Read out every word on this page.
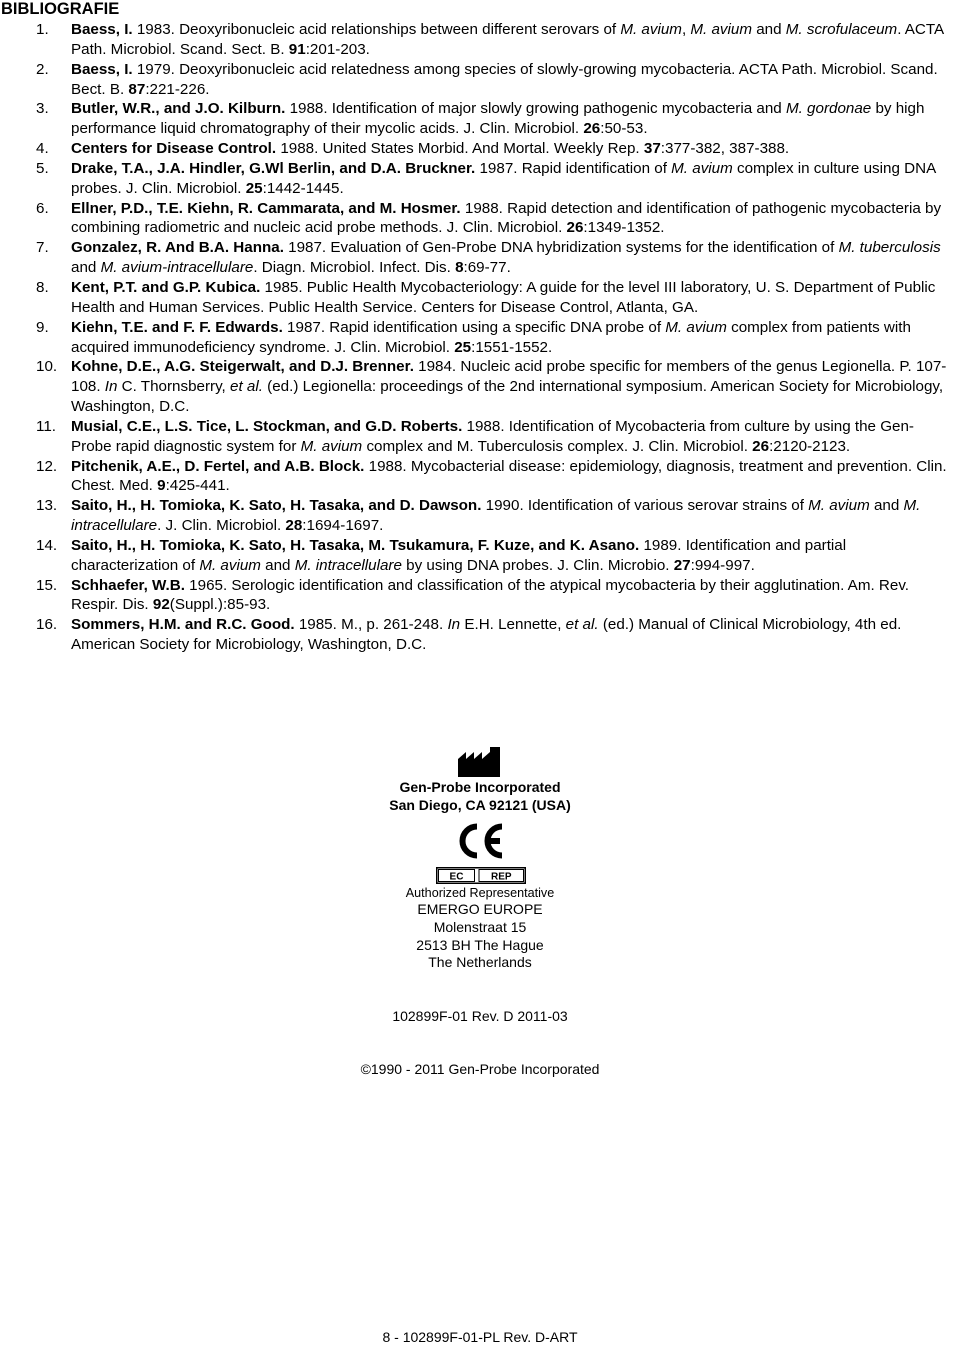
BIBLIOGRAFIE
1.	Baess, I. 1983. Deoxyribonucleic acid relationships between different serovars of M. avium, M. avium and M. scrofulaceum. ACTA Path. Microbiol. Scand. Sect. B. 91:201-203.
2.	Baess, I. 1979. Deoxyribonucleic acid relatedness among species of slowly-growing mycobacteria. ACTA Path. Microbiol. Scand. Bect. B. 87:221-226.
3.	Butler, W.R., and J.O. Kilburn. 1988. Identification of major slowly growing pathogenic mycobacteria and M. gordonae by high performance liquid chromatography of their mycolic acids. J. Clin. Microbiol. 26:50-53.
4.	Centers for Disease Control. 1988. United States Morbid. And Mortal. Weekly Rep. 37:377-382, 387-388.
5.	Drake, T.A., J.A. Hindler, G.Wl Berlin, and D.A. Bruckner. 1987. Rapid identification of M. avium complex in culture using DNA probes. J. Clin. Microbiol. 25:1442-1445.
6.	Ellner, P.D., T.E. Kiehn, R. Cammarata, and M. Hosmer. 1988. Rapid detection and identification of pathogenic mycobacteria by combining radiometric and nucleic acid probe methods. J. Clin. Microbiol. 26:1349-1352.
7.	Gonzalez, R. And B.A. Hanna. 1987. Evaluation of Gen-Probe DNA hybridization systems for the identification of M. tuberculosis and M. avium-intracellulare. Diagn. Microbiol. Infect. Dis. 8:69-77.
8.	Kent, P.T. and G.P. Kubica. 1985. Public Health Mycobacteriology: A guide for the level III laboratory, U. S. Department of Public Health and Human Services. Public Health Service. Centers for Disease Control, Atlanta, GA.
9.	Kiehn, T.E. and F. F. Edwards. 1987. Rapid identification using a specific DNA probe of M. avium complex from patients with acquired immunodeficiency syndrome. J. Clin. Microbiol. 25:1551-1552.
10. Kohne, D.E., A.G. Steigerwalt, and D.J. Brenner. 1984. Nucleic acid probe specific for members of the genus Legionella. P. 107-108. In C. Thornsberry, et al. (ed.) Legionella: proceedings of the 2nd international symposium. American Society for Microbiology, Washington, D.C.
11. Musial, C.E., L.S. Tice, L. Stockman, and G.D. Roberts. 1988. Identification of Mycobacteria from culture by using the Gen-Probe rapid diagnostic system for M. avium complex and M. Tuberculosis complex. J. Clin. Microbiol. 26:2120-2123.
12. Pitchenik, A.E., D. Fertel, and A.B. Block. 1988. Mycobacterial disease: epidemiology, diagnosis, treatment and prevention. Clin. Chest. Med. 9:425-441.
13. Saito, H., H. Tomioka, K. Sato, H. Tasaka, and D. Dawson. 1990. Identification of various serovar strains of M. avium and M. intracellulare. J. Clin. Microbiol. 28:1694-1697.
14. Saito, H., H. Tomioka, K. Sato, H. Tasaka, M. Tsukamura, F. Kuze, and K. Asano. 1989. Identification and partial characterization of M. avium and M. intracellulare by using DNA probes. J. Clin. Microbio. 27:994-997.
15. Schhaefer, W.B. 1965. Serologic identification and classification of the atypical mycobacteria by their agglutination. Am. Rev. Respir. Dis. 92(Suppl.):85-93.
16. Sommers, H.M. and R.C. Good. 1985. M., p. 261-248. In E.H. Lennette, et al. (ed.) Manual of Clinical Microbiology, 4th ed. American Society for Microbiology, Washington, D.C.
Gen-Probe Incorporated
San Diego, CA 92121 (USA)
EC	REP
Authorized Representative
EMERGO EUROPE
Molenstraat 15
2513 BH The Hague
The Netherlands
102899F-01 Rev. D 2011-03
©1990 - 2011 Gen-Probe Incorporated
8 - 102899F-01-PL Rev. D-ART
